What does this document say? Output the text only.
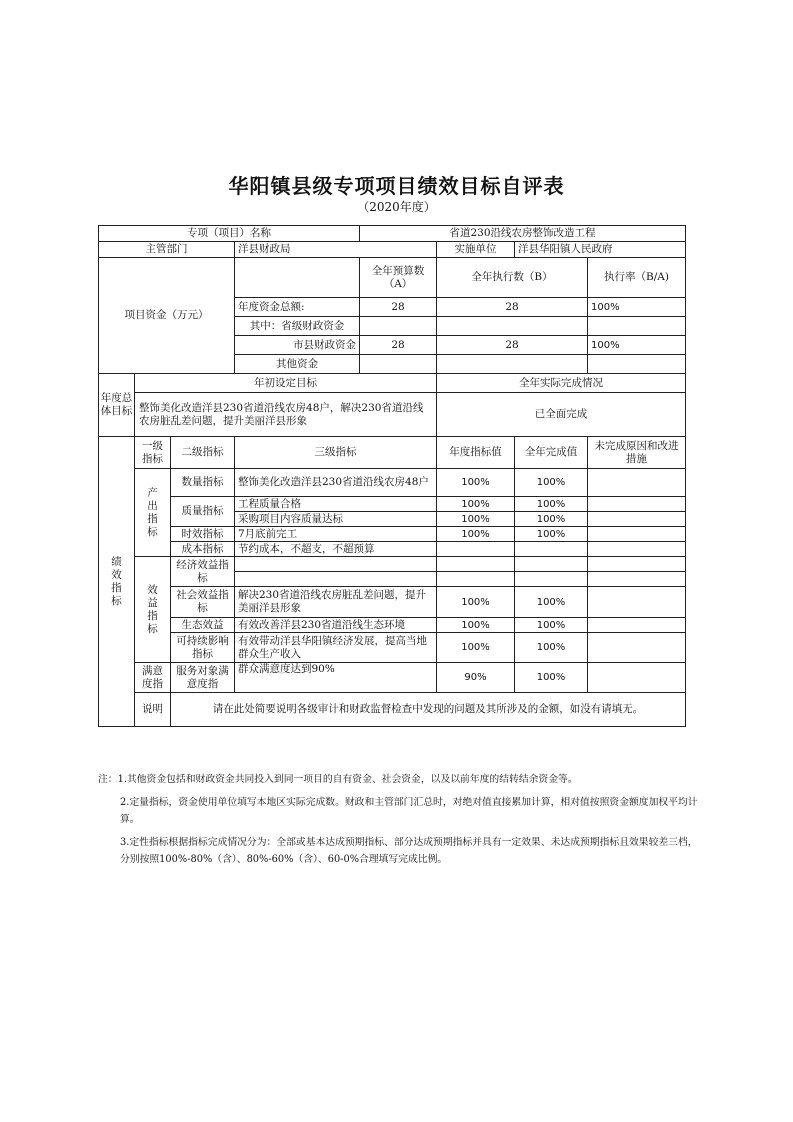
华阳镇县级专项项目绩效目标自评表
（2020年度）
专项（项目）名称				省道230沿线农房整饰改造工程				
主管部门			洋县财政局		实施单位	洋县华阳镇人民政府		
项目资金（万元）				全年预算数（A）	全年执行数（B）		执行率（B/A)	
			年度资金总额:	28	28		100%	
			其中：省级财政资金					
			市县财政资金	28	28		100%	
			其他资金					
年度总体目标	年初设定目标				全年实际完成情况			
	整饰美化改造洋县230省道沿线农房48户，解决230省道沿线农房脏乱差问题，提升美丽洋县形象				已全面完成			
绩效指标	一级指标	二级指标	三级指标		年度指标值	全年完成值	未完成原因和改进措施	
	产出指标	数量指标	整饰美化改造洋县230省道沿线农房48户		100%	100%		
		质量指标	工程质量合格		100%	100%		
			采购项目内容质量达标		100%	100%		
		时效指标	7月底前完工		100%	100%		
		成本指标	节约成本，不超支，不超预算					
	效益指标	经济效益指标						

		社会效益指标	解决230省道沿线农房脏乱差问题，提升美丽洋县形象		100%	100%		
		生态效益	有效改善洋县230省道沿线生态环境		100%	100%		
		可持续影响指标	有效带动洋县华阳镇经济发展，提高当地群众生产收入		100%	100%		
	满意度指	服务对象满意度指	群众满意度达到90%		90%	100%		
	说明	请在此处简要说明各级审计和财政监督检查中发现的问题及其所涉及的金额，如没有请填无。	

注：1.其他资金包括和财政资金共同投入到同一项目的自有资金、社会资金，以及以前年度的结转结余资金等。

2.定量指标，资金使用单位填写本地区实际完成数。财政和主管部门汇总时，对绝对值直接累加计算，相对值按照资金额度加权平均计算。

3.定性指标根据指标完成情况分为：全部或基本达成预期指标、部分达成预期指标并具有一定效果、未达成预期指标且效果较差三档，分别按照100%-80%（含）、80%-60%（含）、60-0%合理填写完成比例。
